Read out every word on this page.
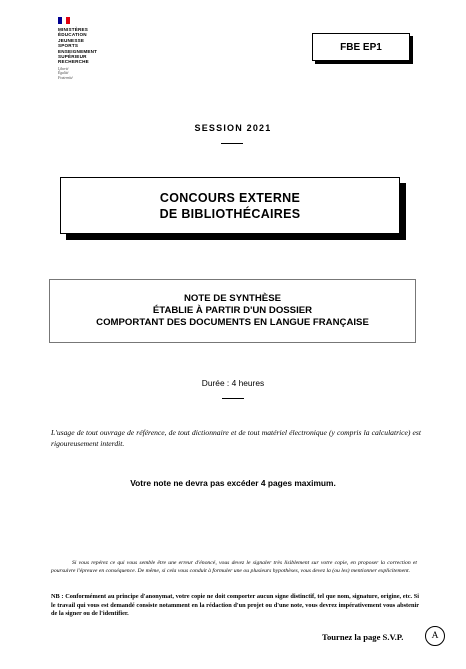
MINISTÈRES
ÉDUCATION
JEUNESSE
SPORTS
ENSEIGNEMENT
SUPÉRIEUR
RECHERCHE
Liberté
Égalité
Fraternité
FBE EP1
SESSION 2021
CONCOURS EXTERNE
DE BIBLIOTHÉCAIRES
NOTE DE SYNTHÈSE
ÉTABLIE À PARTIR D'UN DOSSIER
COMPORTANT DES DOCUMENTS EN LANGUE FRANÇAISE
Durée : 4 heures
L'usage de tout ouvrage de référence, de tout dictionnaire et de tout matériel électronique (y compris la calculatrice) est rigoureusement interdit.
Votre note ne devra pas excéder 4 pages maximum.
Si vous repérez ce qui vous semble être une erreur d'énoncé, vous devez le signaler très lisiblement sur votre copie, en proposer la correction et poursuivre l'épreuve en conséquence. De même, si cela vous conduit à formuler une ou plusieurs hypothèses, vous devez la (ou les) mentionner explicitement.
NB : Conformément au principe d'anonymat, votre copie ne doit comporter aucun signe distinctif, tel que nom, signature, origine, etc. Si le travail qui vous est demandé consiste notamment en la rédaction d'un projet ou d'une note, vous devrez impérativement vous abstenir de la signer ou de l'identifier.
Tournez la page S.V.P.	A
